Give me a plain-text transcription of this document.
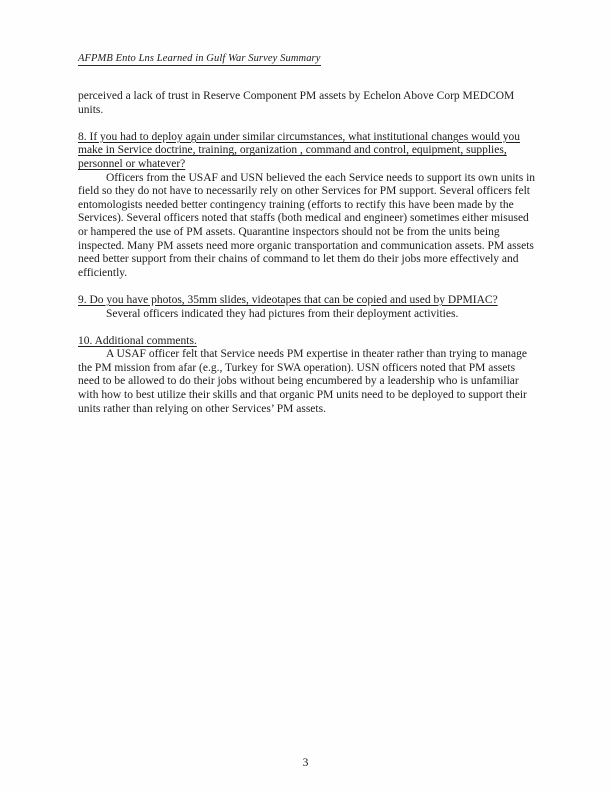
AFPMB Ento Lns Learned in Gulf War Survey Summary

perceived a lack of trust in Reserve Component PM assets by Echelon Above Corp MEDCOM units.

8. If you had to deploy again under similar circumstances, what institutional changes would you make in Service doctrine, training, organization , command and control, equipment, supplies, personnel or whatever?

Officers from the USAF and USN believed the each Service needs to support its own units in field so they do not have to necessarily rely on other Services for PM support. Several officers felt entomologists needed better contingency training (efforts to rectify this have been made by the Services). Several officers noted that staffs (both medical and engineer) sometimes either misused or hampered the use of PM assets. Quarantine inspectors should not be from the units being inspected. Many PM assets need more organic transportation and communication assets. PM assets need better support from their chains of command to let them do their jobs more effectively and efficiently.

9. Do you have photos, 35mm slides, videotapes that can be copied and used by DPMIAC?

Several officers indicated they had pictures from their deployment activities.

10. Additional comments.

A USAF officer felt that Service needs PM expertise in theater rather than trying to manage the PM mission from afar (e.g., Turkey for SWA operation). USN officers noted that PM assets need to be allowed to do their jobs without being encumbered by a leadership who is unfamiliar with how to best utilize their skills and that organic PM units need to be deployed to support their units rather than relying on other Services’ PM assets.

3
